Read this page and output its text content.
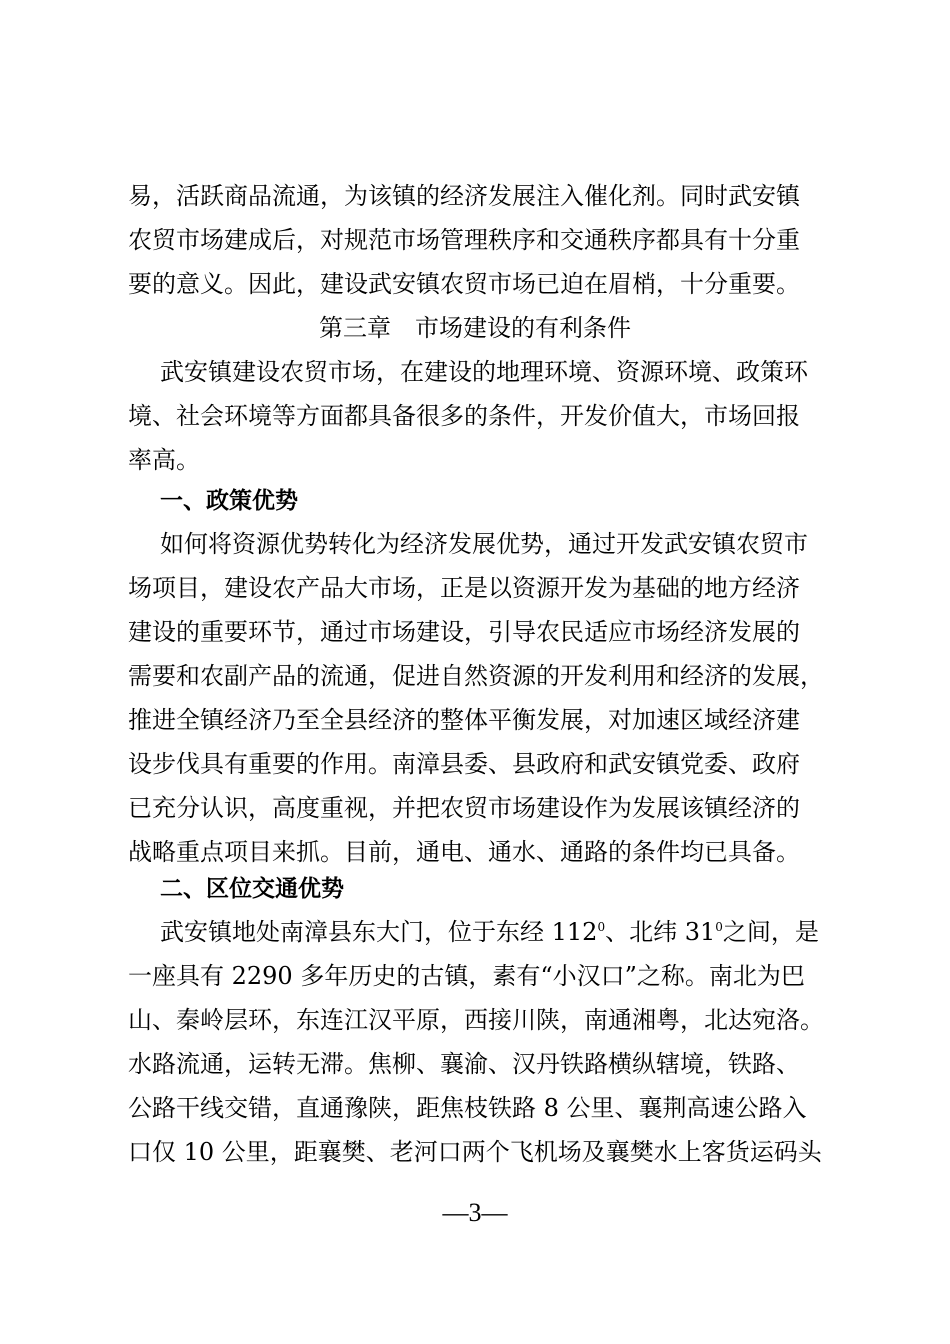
易，活跃商品流通，为该镇的经济发展注入催化剂。同时武安镇
农贸市场建成后，对规范市场管理秩序和交通秩序都具有十分重
要的意义。因此，建设武安镇农贸市场已迫在眉梢，十分重要。
第三章　市场建设的有利条件
武安镇建设农贸市场，在建设的地理环境、资源环境、政策环
境、社会环境等方面都具备很多的条件，开发价值大，市场回报
率高。
一、政策优势
如何将资源优势转化为经济发展优势，通过开发武安镇农贸市
场项目，建设农产品大市场，正是以资源开发为基础的地方经济
建设的重要环节，通过市场建设，引导农民适应市场经济发展的
需要和农副产品的流通，促进自然资源的开发利用和经济的发展，
推进全镇经济乃至全县经济的整体平衡发展，对加速区域经济建
设步伐具有重要的作用。南漳县委、县政府和武安镇党委、政府
已充分认识，高度重视，并把农贸市场建设作为发展该镇经济的
战略重点项目来抓。目前，通电、通水、通路的条件均已具备。
二、区位交通优势
武安镇地处南漳县东大门，位于东经 $112^0$、北纬 $31^0$之间，是
一座具有 2290 多年历史的古镇，素有“小汉口”之称。南北为巴
山、秦岭层环，东连江汉平原，西接川陕，南通湘粤，北达宛洛。
水路流通，运转无滞。焦柳、襄渝、汉丹铁路横纵辖境，铁路、
公路干线交错，直通豫陕，距焦枝铁路 8 公里、襄荆高速公路入
口仅 10 公里，距襄樊、老河口两个飞机场及襄樊水上客货运码头
—3—
